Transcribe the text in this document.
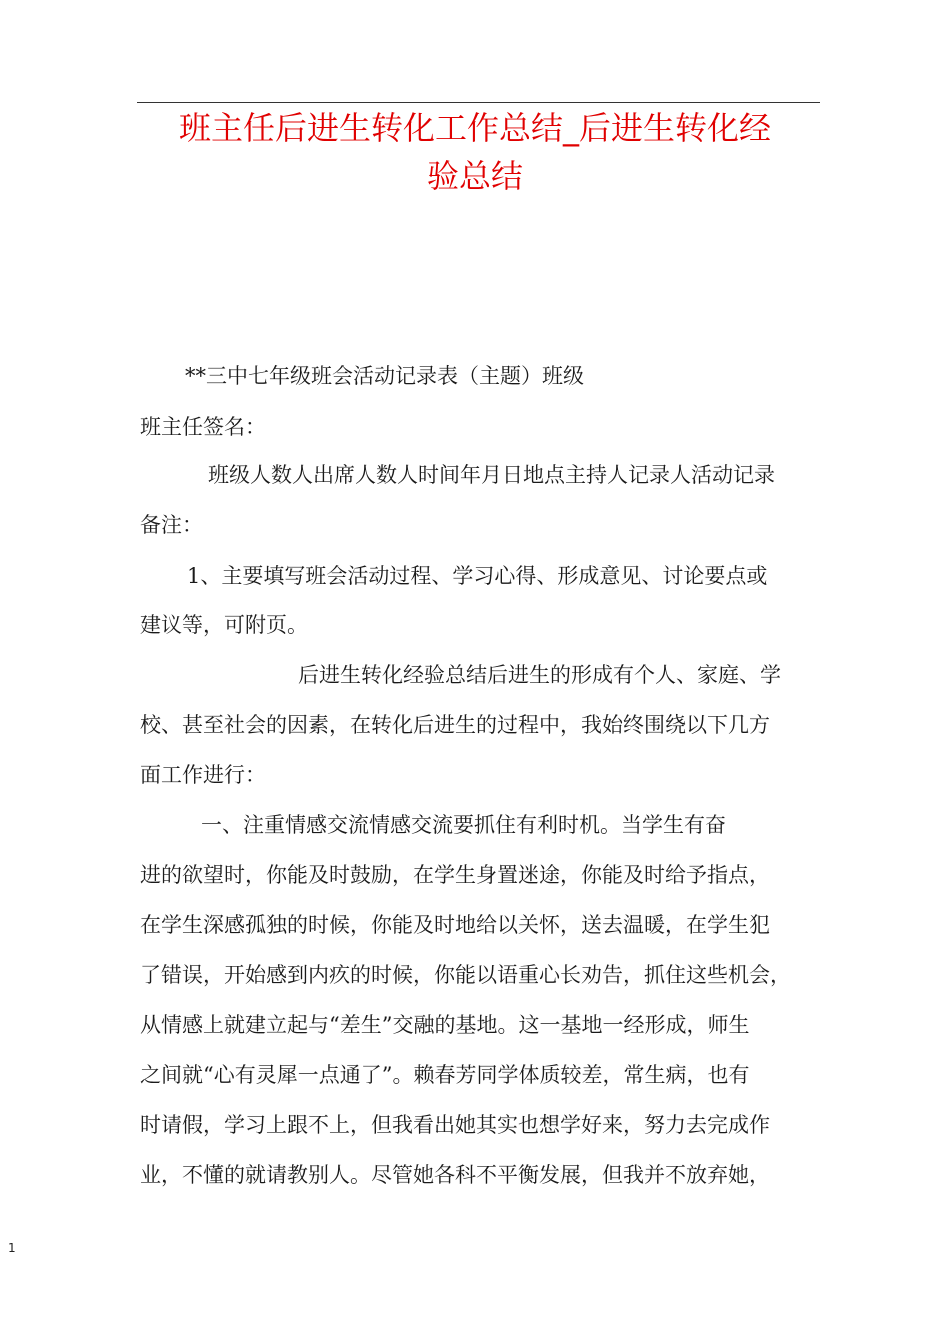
班主任后进生转化工作总结_后进生转化经
验总结
**三中七年级班会活动记录表（主题）班级
班主任签名：
班级人数人出席人数人时间年月日地点主持人记录人活动记录
备注：
1、主要填写班会活动过程、学习心得、形成意见、讨论要点或
建议等，可附页。
后进生转化经验总结后进生的形成有个人、家庭、学
校、甚至社会的因素，在转化后进生的过程中，我始终围绕以下几方
面工作进行：
一、注重情感交流情感交流要抓住有利时机。当学生有奋
进的欲望时，你能及时鼓励，在学生身置迷途，你能及时给予指点，
在学生深感孤独的时候，你能及时地给以关怀，送去温暖，在学生犯
了错误，开始感到内疚的时候，你能以语重心长劝告，抓住这些机会，
从情感上就建立起与“差生”交融的基地。这一基地一经形成，师生
之间就“心有灵犀一点通了”。赖春芳同学体质较差，常生病，也有
时请假，学习上跟不上，但我看出她其实也想学好来，努力去完成作
业，不懂的就请教别人。尽管她各科不平衡发展，但我并不放弃她，
1
